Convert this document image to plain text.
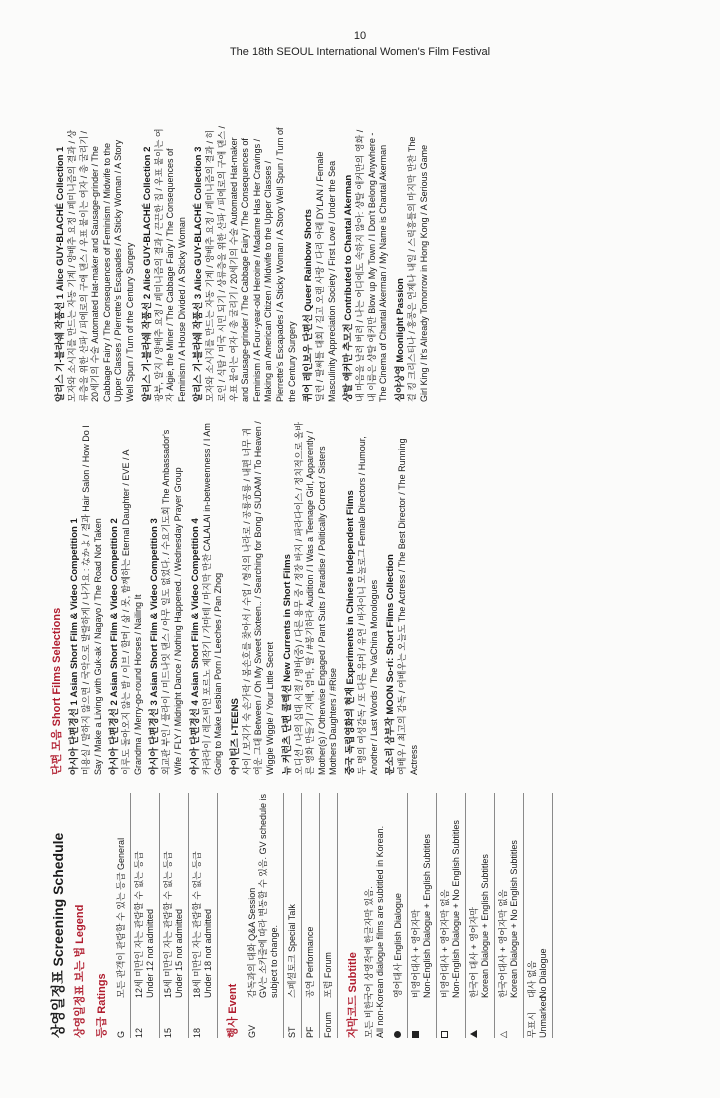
10
The 18th SEOUL International Women's Film Festival
상영일정표 Screening Schedule 상영일정표 보는 법 Legend 등급 Ratings G
모든 관객이 관람할 수 있는 등급 General
12
12세 미만인 자는 관람할 수 없는 등급 Under 12 not admitted
15
15세 미만인 자는 관람할 수 없는 등급 Under 15 not admitted
18
18세 미만인 자는 관람할 수 없는 등급 Under 18 not admitted
행사 Event GV
감독과의 대화 Q&A Session GV는 소카줄에 따라 변동할 수 있음. GV schedule is subject to change.
ST
스페셜토크 Special Talk
PF
공연 Performance
Forum
포럼 Forum 자막코드 Subtitle 모든 비한국어 상영작에 한글자막 있음. All non-Korean dialogue films are subtitled in Korean. 영어대사 English Dialogue 비영어대사 + 영어자막 Non-English Dialogue + English Subtitles 비영어대사 + 영어자막 없음 Non-English Dialogue + No English Subtitles 한국어 대사 + 영어자막 Korean Dialogue + English Subtitles
△
한국어대사 + 영어자막 없음 Korean Dialogue + No English Subtitles
무표시 Unmarked
대사 없음 No Dialogue
단편 모음 Short Films Selections 아시아 단편경선 1 Asian Short Film & Video Competition 1 미용실 / 말하지 않으면 / 국악으로 발랄하게 / 나가요 : なかよ / 결과 Hair Salon / How Do I Say / Make a Living with Guk-ak / Nagayo / The Road Not Taken 아시아 단편경선 2 Asian Short Film & Video Competition 2 이루도 돌아오지 않는 밤 / 이브 / 할머 / 삶 / 못, 함께하는 Eternal Daughter / EVE / A Grandma / Merry-go-round Horses / Nailing It 아시아 단편경선 3 Asian Short Film & Video Competition 3 외교관 부인 / 플라이 / 미드나잇 댄스 / 아무 일도 없었다. / 수요기도회 The Ambassador's Wife / FLY / Midnight Dance / Nothing Happened. / Wednesday Prayer Group 아시아 단편경선 4 Asian Short Film & Video Competition 4 카라라이 / 레즈비언 포르노 제작기 / 가마테 / 마지막 만찬 CALALAI in-betweenness / I Am Going to Make Lesbian Porn / Leeches / Pan Zhog 아이틴즈 I-TEENS 사이 / 보지가 숙 손가락 / 봄손호를 찾아서 / 수업 / 형식의 나라로 / 공룡공룡 / 내편 너무 귀여운 그대 Between / Oh My Sweet Sixteen.. / Searching for Bong / SUDAM / To Heaven / Wiggle Wiggle / Your Little Secret 뉴 커런츠 단편 콜렉션 New Currents in Short Films 오디션 / 나의 십대 시절 / 명바(중) / 다른 용무 중 / 정장 바지 / 파라다이스 / 정치적으로 올바른 영화 만들기 / 지배, 엄마, 딸 / #봉기하라 Audition / I Was a Teenage Girl, Apparently / Mother(s) / Otherwise Engaged / Pant Suits / Paradise / Politically Correct / Sisters Mothers Daughters / #Rise 중국 독립영화의 현재 Experiments in Chinese Independent Films 두 명의 여성감독 / 또 다른 유머 / 유언 / 바자이니 모놀로그 Female Directors / Humour, Another / Last Words / The VaChina Monologues 문소리 삼부작 MOON So-ri: Short Films Collection 여배우 / 최고의 감독 / 여배우는 오늘도 The Actress / The Best Director / The Running Actress
알리스 기-블라쉐 작품선 1 Alice GUY-BLACHÉ Collection 1 모자와 소시지를 만드는 자동 기계 / 양배추 요정 / 페미니즘의 결과 / 상류층을 위한 산파 / 피에로의 구애 댄스 / 우표 붙이는 여자 / 총 굴리기 / 20세기의 수술 Automated Hat-maker and Sausage-grinder / The Cabbage Fairy / The Consequences of Feminism / Midwife to the Upper Classes / Pierrette's Escapades / A Sticky Woman / A Story Well Spun / Turn of the Century Surgery 알리스 기-블라쉐 작품선 2 Alice GUY-BLACHÉ Collection 2 광부, 알지 / 양배추 요정 / 페미니즘의 결과 / 끈끈한 집 / 우표 붙이는 여자 Algie, the Miner / The Cabbage Fairy / The Consequences of Feminism / A House Divided / A Sticky Woman 알리스 기-블라쉐 작품선 3 Alice GUY-BLACHÉ Collection 3 모자와 소시지를 만드는 자동 기계 / 양배추 요정 / 페미니즘의 결과 / 히로인 / 식탐 / 미국 시민 되기 / 상류층을 위한 산파 / 피에로의 구애 댄스 / 우표 붙이는 여자 / 총 굴리기 / 20세기의 수술 Automated Hat-maker and Sausage-grinder / The Cabbage Fairy / The Consequences of Feminism / A Four-year-old Heroine / Madame Has Her Cravings / Making an American Citizen / Midwife to the Upper Classes / Pierrette's Escapades / A Sticky Woman / A Story Well Spun / Turn of the Century Surgery 퀴어 레인보우 단편선 Queer Rainbow Shorts 딜런 / 팔써틀 대회 / 길고 오랜 사랑 / 다리 아래 DYLAN / Female Masculinity Appreciation Society / First Love / Under the Sea 샹탈 애커만 추모전 Contributed to Chantal Akerman 내 마음을 날려 버려 / 나는 어디에도 속하지 않아: 샹탈 애커만의 영화 / 내 이름은 샹탈 애커만 Blow up My Town / I Don't Belong Anywhere - The Cinema of Chantal Akerman / My Name is Chantal Akerman 심야상영 Moonlight Passion 걸 킹 크리스티나 / 홍콩은 언제나 내일 / 스릭흥틀의 마지막 만찬 The Girl King / It's Already Tomorrow in Hong Kong / A Serious Game
